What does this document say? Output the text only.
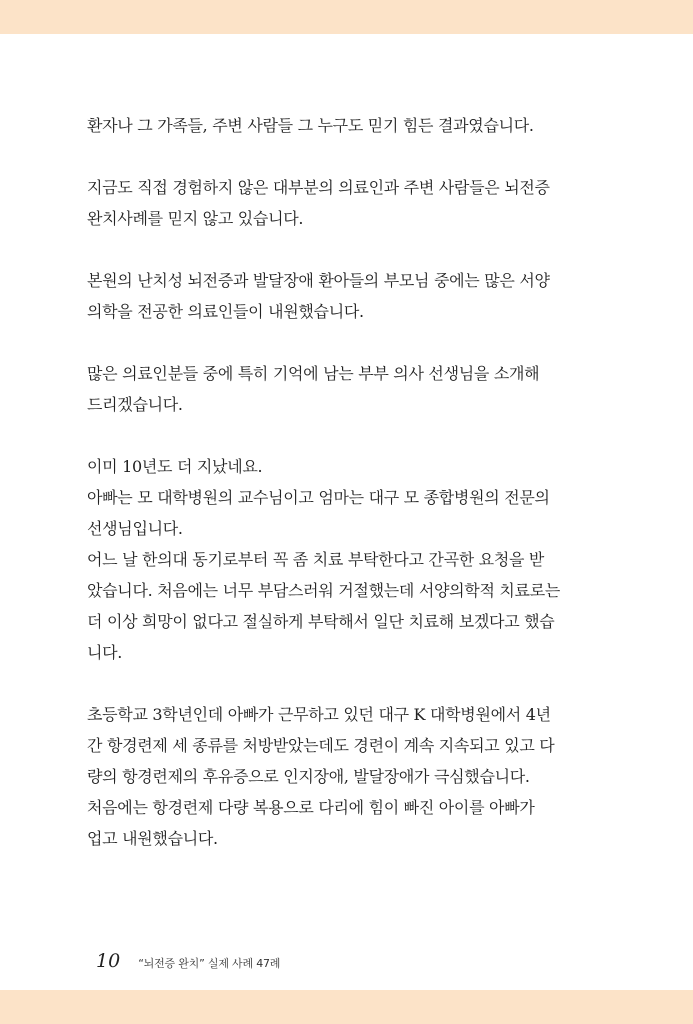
환자나 그 가족들, 주변 사람들 그 누구도 믿기 힘든 결과였습니다.

지금도 직접 경험하지 않은 대부분의 의료인과 주변 사람들은 뇌전증
완치사례를 믿지 않고 있습니다.

본원의 난치성 뇌전증과 발달장애 환아들의 부모님 중에는 많은 서양
의학을 전공한 의료인들이 내원했습니다.

많은 의료인분들 중에 특히 기억에 남는 부부 의사 선생님을 소개해
드리겠습니다.

이미 10년도 더 지났네요.
아빠는 모 대학병원의 교수님이고 엄마는 대구 모 종합병원의 전문의
선생님입니다.
어느 날 한의대 동기로부터 꼭 좀 치료 부탁한다고 간곡한 요청을 받
았습니다. 처음에는 너무 부담스러워 거절했는데 서양의학적 치료로는
더 이상 희망이 없다고 절실하게 부탁해서 일단 치료해 보겠다고 했습
니다.

초등학교 3학년인데 아빠가 근무하고 있던 대구 K 대학병원에서 4년
간 항경련제 세 종류를 처방받았는데도 경련이 계속 지속되고 있고 다
량의 항경련제의 후유증으로 인지장애, 발달장애가 극심했습니다.
처음에는 항경련제 다량 복용으로 다리에 힘이 빠진 아이를 아빠가
업고 내원했습니다.

10 “뇌전증 완치” 실제 사례 47례
